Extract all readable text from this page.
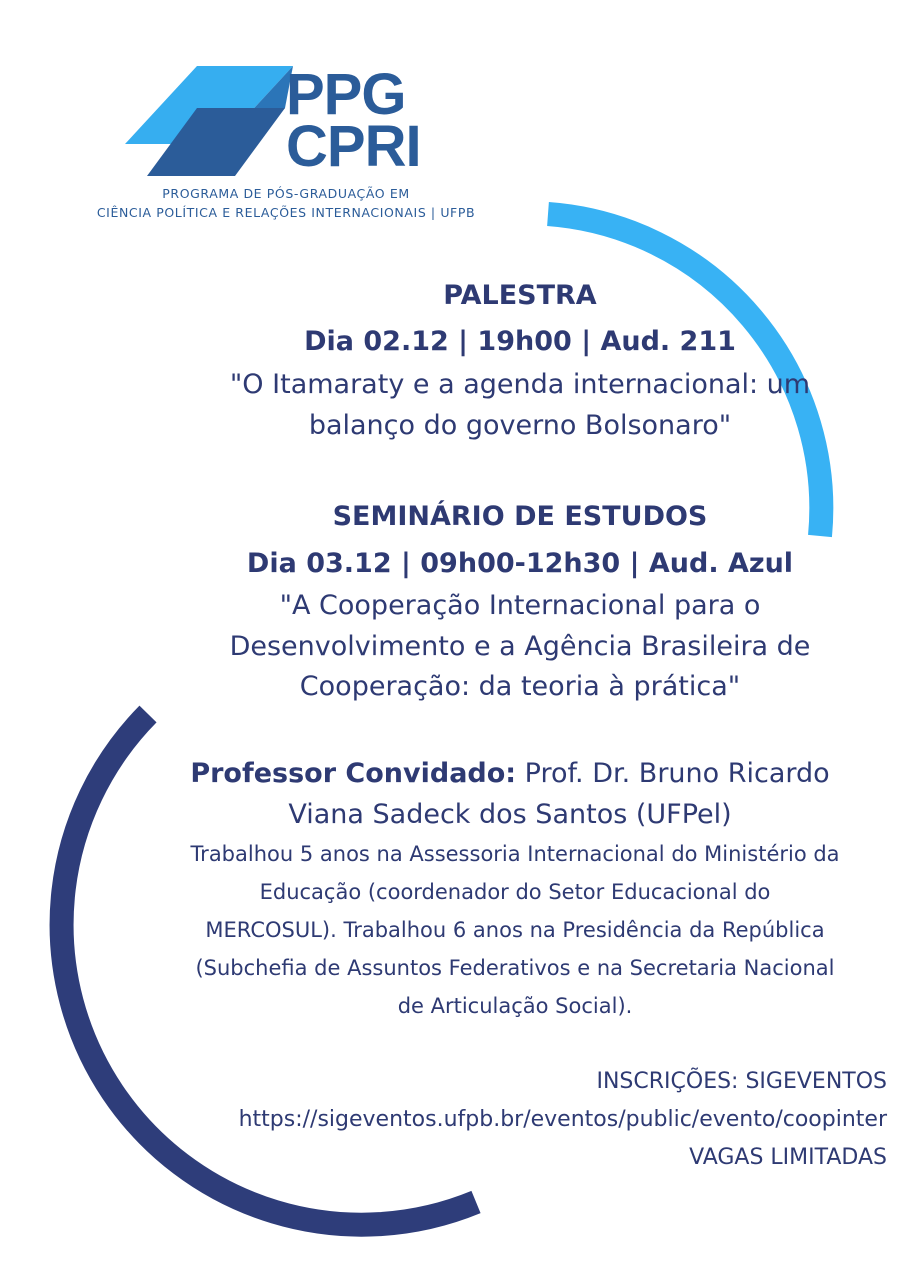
PPG
CPRI
PROGRAMA DE PÓS-GRADUAÇÃO EM
CIÊNCIA POLÍTICA E RELAÇÕES INTERNACIONAIS | UFPB
PALESTRA
Dia 02.12 | 19h00 | Aud. 211
"O Itamaraty e a agenda internacional: um
balanço do governo Bolsonaro"
SEMINÁRIO DE ESTUDOS
Dia 03.12 | 09h00-12h30 | Aud. Azul
"A Cooperação Internacional para o
Desenvolvimento e a Agência Brasileira de
Cooperação: da teoria à prática"
Professor Convidado: Prof. Dr. Bruno Ricardo
Viana Sadeck dos Santos (UFPel)
Trabalhou 5 anos na Assessoria Internacional do Ministério da
Educação (coordenador do Setor Educacional do
MERCOSUL). Trabalhou 6 anos na Presidência da República
(Subchefia de Assuntos Federativos e na Secretaria Nacional
de Articulação Social).
INSCRIÇÕES: SIGEVENTOS
https://sigeventos.ufpb.br/eventos/public/evento/coopinter
VAGAS LIMITADAS
